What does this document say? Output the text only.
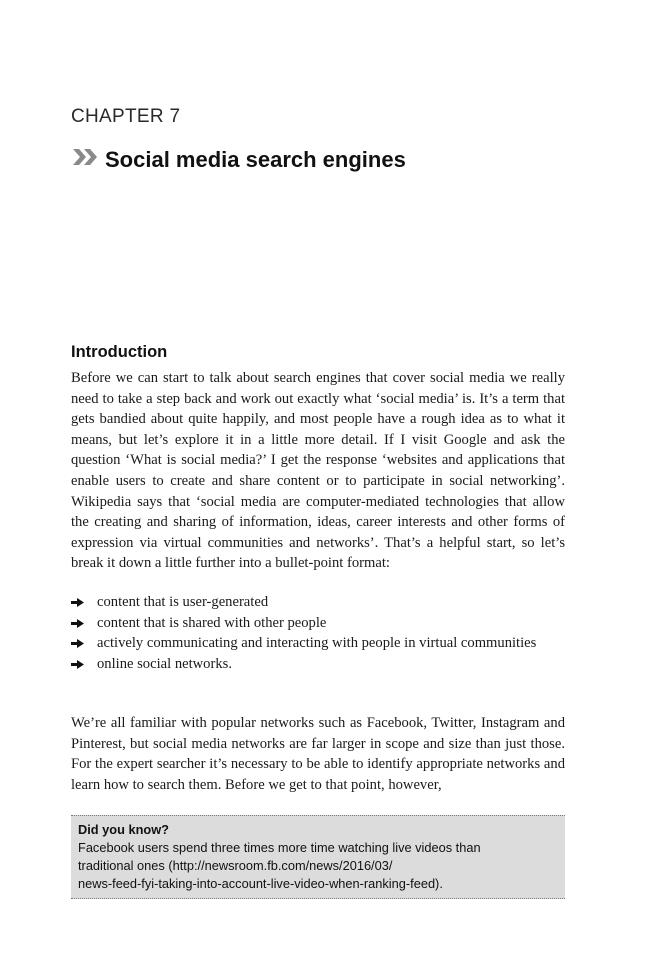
CHAPTER 7
Social media search engines
Introduction

Before we can start to talk about search engines that cover social media we really need to take a step back and work out exactly what ‘social media’ is. It’s a term that gets bandied about quite happily, and most people have a rough idea as to what it means, but let’s explore it in a little more detail. If I visit Google and ask the question ‘What is social media?’ I get the response ‘websites and applications that enable users to create and share content or to participate in social networking’. Wikipedia says that ‘social media are computer-mediated technologies that allow the creating and sharing of information, ideas, career interests and other forms of expression via virtual communities and networks’. That’s a helpful start, so let’s break it down a little further into a bullet-point format:

content that is user-generated
content that is shared with other people
actively communicating and interacting with people in virtual communities
online social networks.

We’re all familiar with popular networks such as Facebook, Twitter, Instagram and Pinterest, but social media networks are far larger in scope and size than just those. For the expert searcher it’s necessary to be able to identify appropriate networks and learn how to search them. Before we get to that point, however,

Did you know?
Facebook users spend three times more time watching live videos than
traditional ones (http://newsroom.fb.com/news/2016/03/
news-feed-fyi-taking-into-account-live-video-when-ranking-feed).
